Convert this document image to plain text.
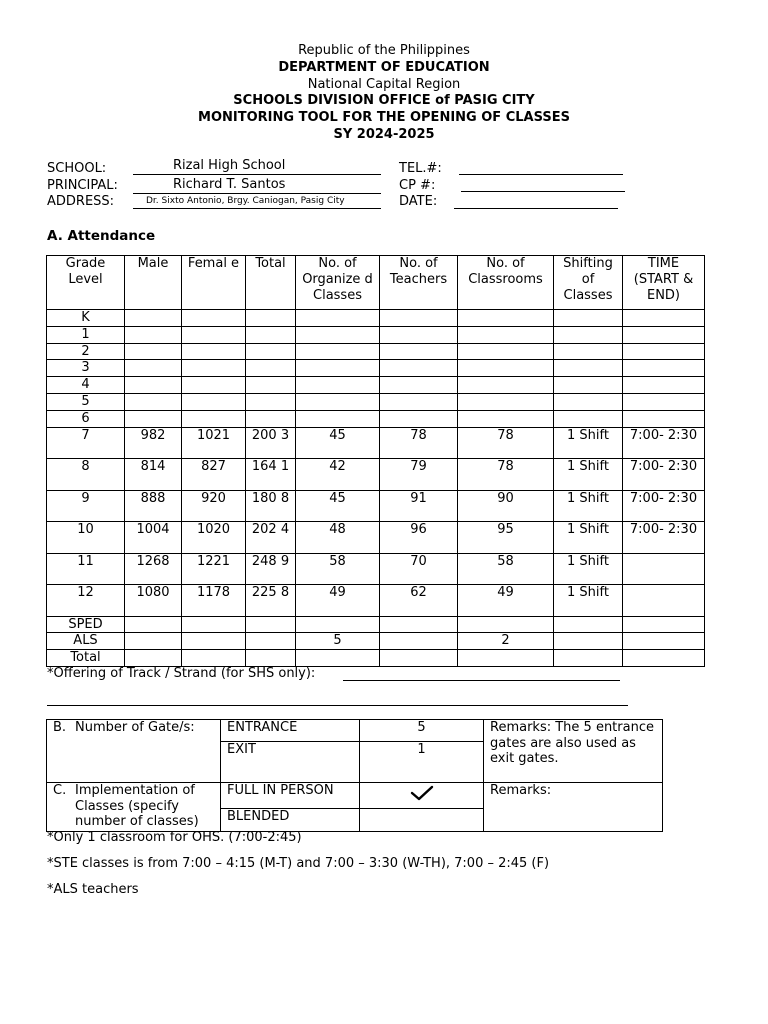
Republic of the Philippines
DEPARTMENT OF EDUCATION
National Capital Region
SCHOOLS DIVISION OFFICE of PASIG CITY
MONITORING TOOL FOR THE OPENING OF CLASSES
SY 2024-2025
SCHOOL:	Rizal High School
PRINCIPAL:	Richard T. Santos
ADDRESS:	Dr. Sixto Antonio, Brgy. Caniogan, Pasig City
TEL.#:
CP #:
DATE:
A. Attendance
Grade Level	Male	Femal e	Total	No. of Organize d Classes	No. of Teachers	No. of Classrooms	Shifting of Classes	TIME (START & END)
K								
1								
2								
3								
4								
5								
6								
7	982	1021	200 3	45	78	78	1 Shift	7:00- 2:30
8	814	827	164 1	42	79	78	1 Shift	7:00- 2:30
9	888	920	180 8	45	91	90	1 Shift	7:00- 2:30
10	1004	1020	202 4	48	96	95	1 Shift	7:00- 2:30
11	1268	1221	248 9	58	70	58	1 Shift	
12	1080	1178	225 8	49	62	49	1 Shift	
SPED								
ALS				5		2		
Total								
*Offering of Track / Strand (for SHS only):
B. Number of Gate/s:	ENTRANCE	5	Remarks: The 5 entrance gates are also used as exit gates.
	EXIT	1	

C. Implementation of Classes (specify number of classes)	FULL IN PERSON		Remarks:
	BLENDED		
*Only 1 classroom for OHS. (7:00-2:45)
*STE classes is from 7:00 – 4:15 (M-T) and 7:00 – 3:30 (W-TH), 7:00 – 2:45 (F)
*ALS teachers
